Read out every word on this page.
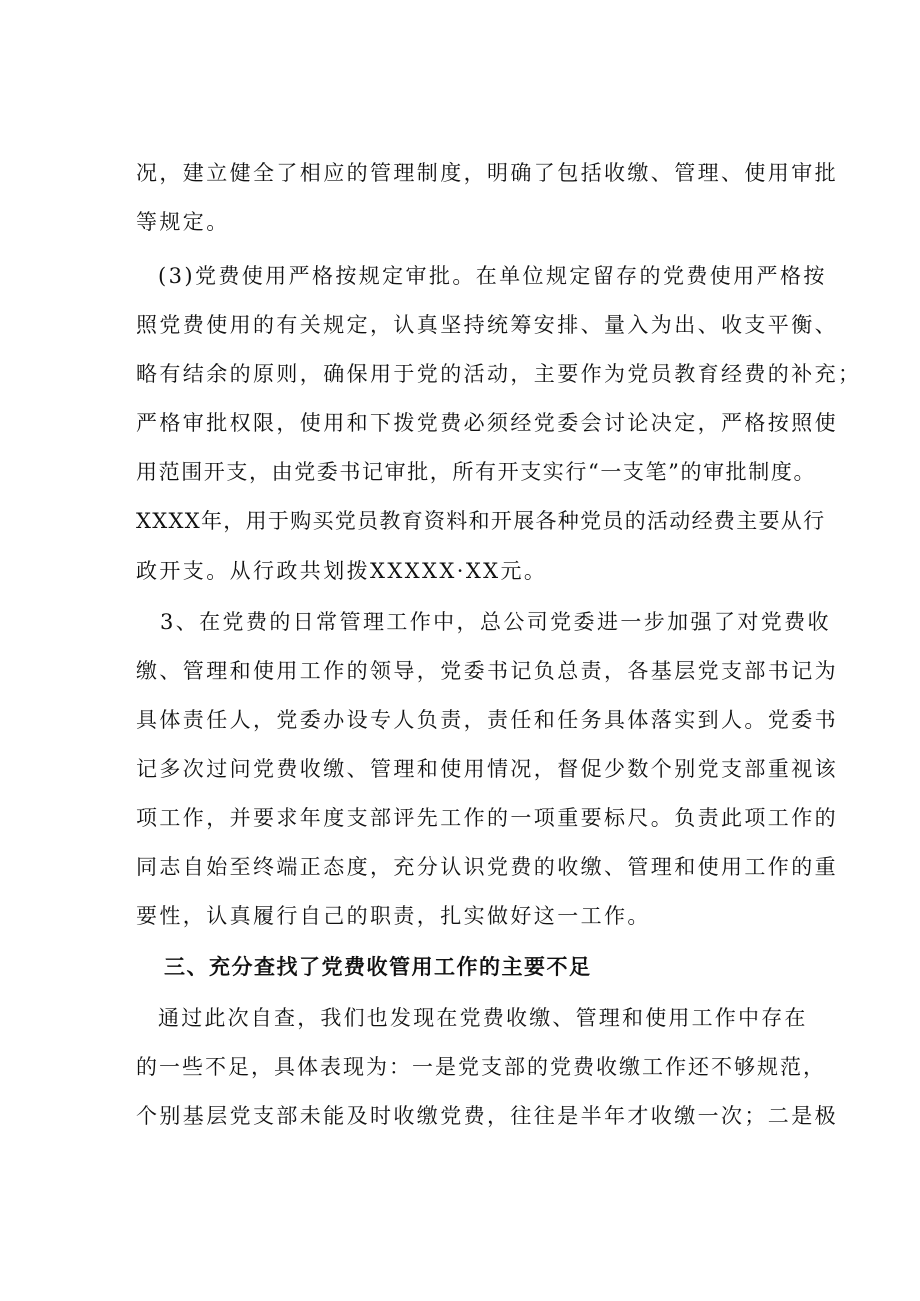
况，建立健全了相应的管理制度，明确了包括收缴、管理、使用审批
等规定。
(3)党费使用严格按规定审批。在单位规定留存的党费使用严格按
照党费使用的有关规定，认真坚持统筹安排、量入为出、收支平衡、
略有结余的原则，确保用于党的活动，主要作为党员教育经费的补充；
严格审批权限，使用和下拨党费必须经党委会讨论决定，严格按照使
用范围开支，由党委书记审批，所有开支实行“一支笔”的审批制度。
XXXX年，用于购买党员教育资料和开展各种党员的活动经费主要从行
政开支。从行政共划拨XXXXX·XX元。
3、在党费的日常管理工作中，总公司党委进一步加强了对党费收
缴、管理和使用工作的领导，党委书记负总责，各基层党支部书记为
具体责任人，党委办设专人负责，责任和任务具体落实到人。党委书
记多次过问党费收缴、管理和使用情况，督促少数个别党支部重视该
项工作，并要求年度支部评先工作的一项重要标尺。负责此项工作的
同志自始至终端正态度，充分认识党费的收缴、管理和使用工作的重
要性，认真履行自己的职责，扎实做好这一工作。
三、充分查找了党费收管用工作的主要不足
通过此次自查，我们也发现在党费收缴、管理和使用工作中存在
的一些不足，具体表现为：一是党支部的党费收缴工作还不够规范，
个别基层党支部未能及时收缴党费，往往是半年才收缴一次；二是极
